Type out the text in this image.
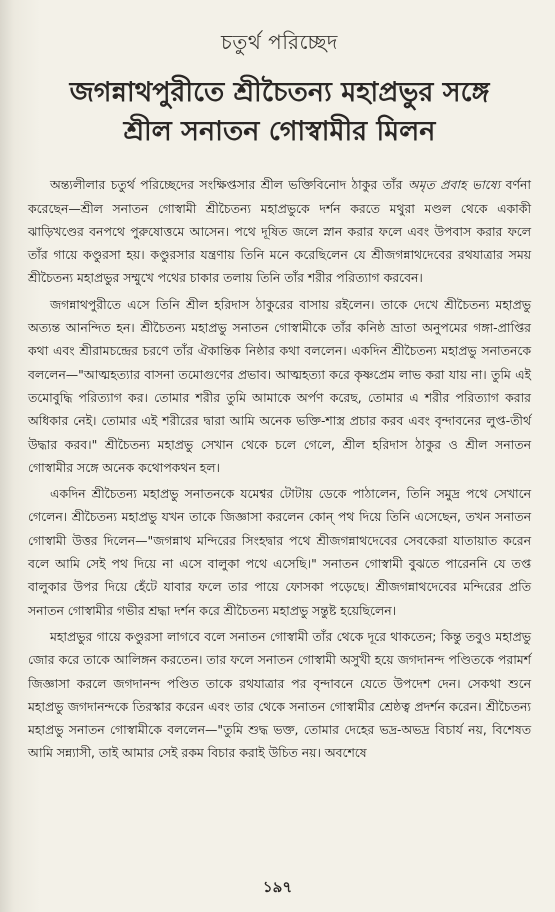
চতুর্থ পরিচ্ছেদ
জগন্নাথপুরীতে শ্রীচৈতন্য মহাপ্রভুর সঙ্গে
শ্রীল সনাতন গোস্বামীর মিলন

অন্ত্যলীলার চতুর্থ পরিচ্ছেদের সংক্ষিপ্তসার শ্রীল ভক্তিবিনোদ ঠাকুর তাঁর অমৃত প্রবাহ ভাষ্যে বর্ণনা করেছেন—শ্রীল সনাতন গোস্বামী শ্রীচৈতন্য মহাপ্রভুকে দর্শন করতে মথুরা মণ্ডল থেকে একাকী ঝাড়িখণ্ডের বনপথে পুরুষোত্তমে আসেন। পথে দূষিত জলে স্নান করার ফলে এবং উপবাস করার ফলে তাঁর গায়ে কণ্ডুরসা হয়। কণ্ডুরসার যন্ত্রণায় তিনি মনে করেছিলেন যে শ্রীজগন্নাথদেবের রথযাত্রার সময় শ্রীচৈতন্য মহাপ্রভুর সম্মুখে পথের চাকার তলায় তিনি তাঁর শরীর পরিত্যাগ করবেন।

জগন্নাথপুরীতে এসে তিনি শ্রীল হরিদাস ঠাকুরের বাসায় রইলেন। তাকে দেখে শ্রীচৈতন্য মহাপ্রভু অত্যন্ত আনন্দিত হন। শ্রীচৈতন্য মহাপ্রভু সনাতন গোস্বামীকে তাঁর কনিষ্ঠ ভ্রাতা অনুপমের গঙ্গা-প্রাপ্তির কথা এবং শ্রীরামচন্দ্রের চরণে তাঁর ঐকান্তিক নিষ্ঠার কথা বললেন। একদিন শ্রীচৈতন্য মহাপ্রভু সনাতনকে বললেন—"আত্মহত্যার বাসনা তমোগুণের প্রভাব। আত্মহত্যা করে কৃষ্ণপ্রেম লাভ করা যায় না। তুমি এই তমোবুদ্ধি পরিত্যাগ কর। তোমার শরীর তুমি আমাকে অর্পণ করেছ, তোমার এ শরীর পরিত্যাগ করার অধিকার নেই। তোমার এই শরীরের দ্বারা আমি অনেক ভক্তি-শাস্ত্র প্রচার করব এবং বৃন্দাবনের লুপ্ত-তীর্থ উদ্ধার করব।" শ্রীচৈতন্য মহাপ্রভু সেখান থেকে চলে গেলে, শ্রীল হরিদাস ঠাকুর ও শ্রীল সনাতন গোস্বামীর সঙ্গে অনেক কথোপকথন হল।

একদিন শ্রীচৈতন্য মহাপ্রভু সনাতনকে যমেশ্বর টোটায় ডেকে পাঠালেন, তিনি সমুদ্র পথে সেখানে গেলেন। শ্রীচৈতন্য মহাপ্রভু যখন তাকে জিজ্ঞাসা করলেন কোন্ পথ দিয়ে তিনি এসেছেন, তখন সনাতন গোস্বামী উত্তর দিলেন—"জগন্নাথ মন্দিরের সিংহদ্বার পথে শ্রীজগন্নাথদেবের সেবকেরা যাতায়াত করেন বলে আমি সেই পথ দিয়ে না এসে বালুকা পথে এসেছি।" সনাতন গোস্বামী বুঝতে পারেননি যে তপ্ত বালুকার উপর দিয়ে হেঁটে যাবার ফলে তার পায়ে ফোসকা পড়েছে। শ্রীজগন্নাথদেবের মন্দিরের প্রতি সনাতন গোস্বামীর গভীর শ্রদ্ধা দর্শন করে শ্রীচৈতন্য মহাপ্রভু সন্তুষ্ট হয়েছিলেন।

মহাপ্রভুর গায়ে কণ্ডুরসা লাগবে বলে সনাতন গোস্বামী তাঁর থেকে দূরে থাকতেন; কিন্তু তবুও মহাপ্রভু জোর করে তাকে আলিঙ্গন করতেন। তার ফলে সনাতন গোস্বামী অসুখী হয়ে জগদানন্দ পণ্ডিতকে পরামর্শ জিজ্ঞাসা করলে জগদানন্দ পণ্ডিত তাকে রথযাত্রার পর বৃন্দাবনে যেতে উপদেশ দেন। সেকথা শুনে মহাপ্রভু জগদানন্দকে তিরস্কার করেন এবং তার থেকে সনাতন গোস্বামীর শ্রেষ্ঠত্ব প্রদর্শন করেন। শ্রীচৈতন্য মহাপ্রভু সনাতন গোস্বামীকে বললেন—"তুমি শুদ্ধ ভক্ত, তোমার দেহের ভদ্র-অভদ্র বিচার্য নয়, বিশেষত আমি সন্ন্যাসী, তাই আমার সেই রকম বিচার করাই উচিত নয়। অবশেষে

১৯৭
